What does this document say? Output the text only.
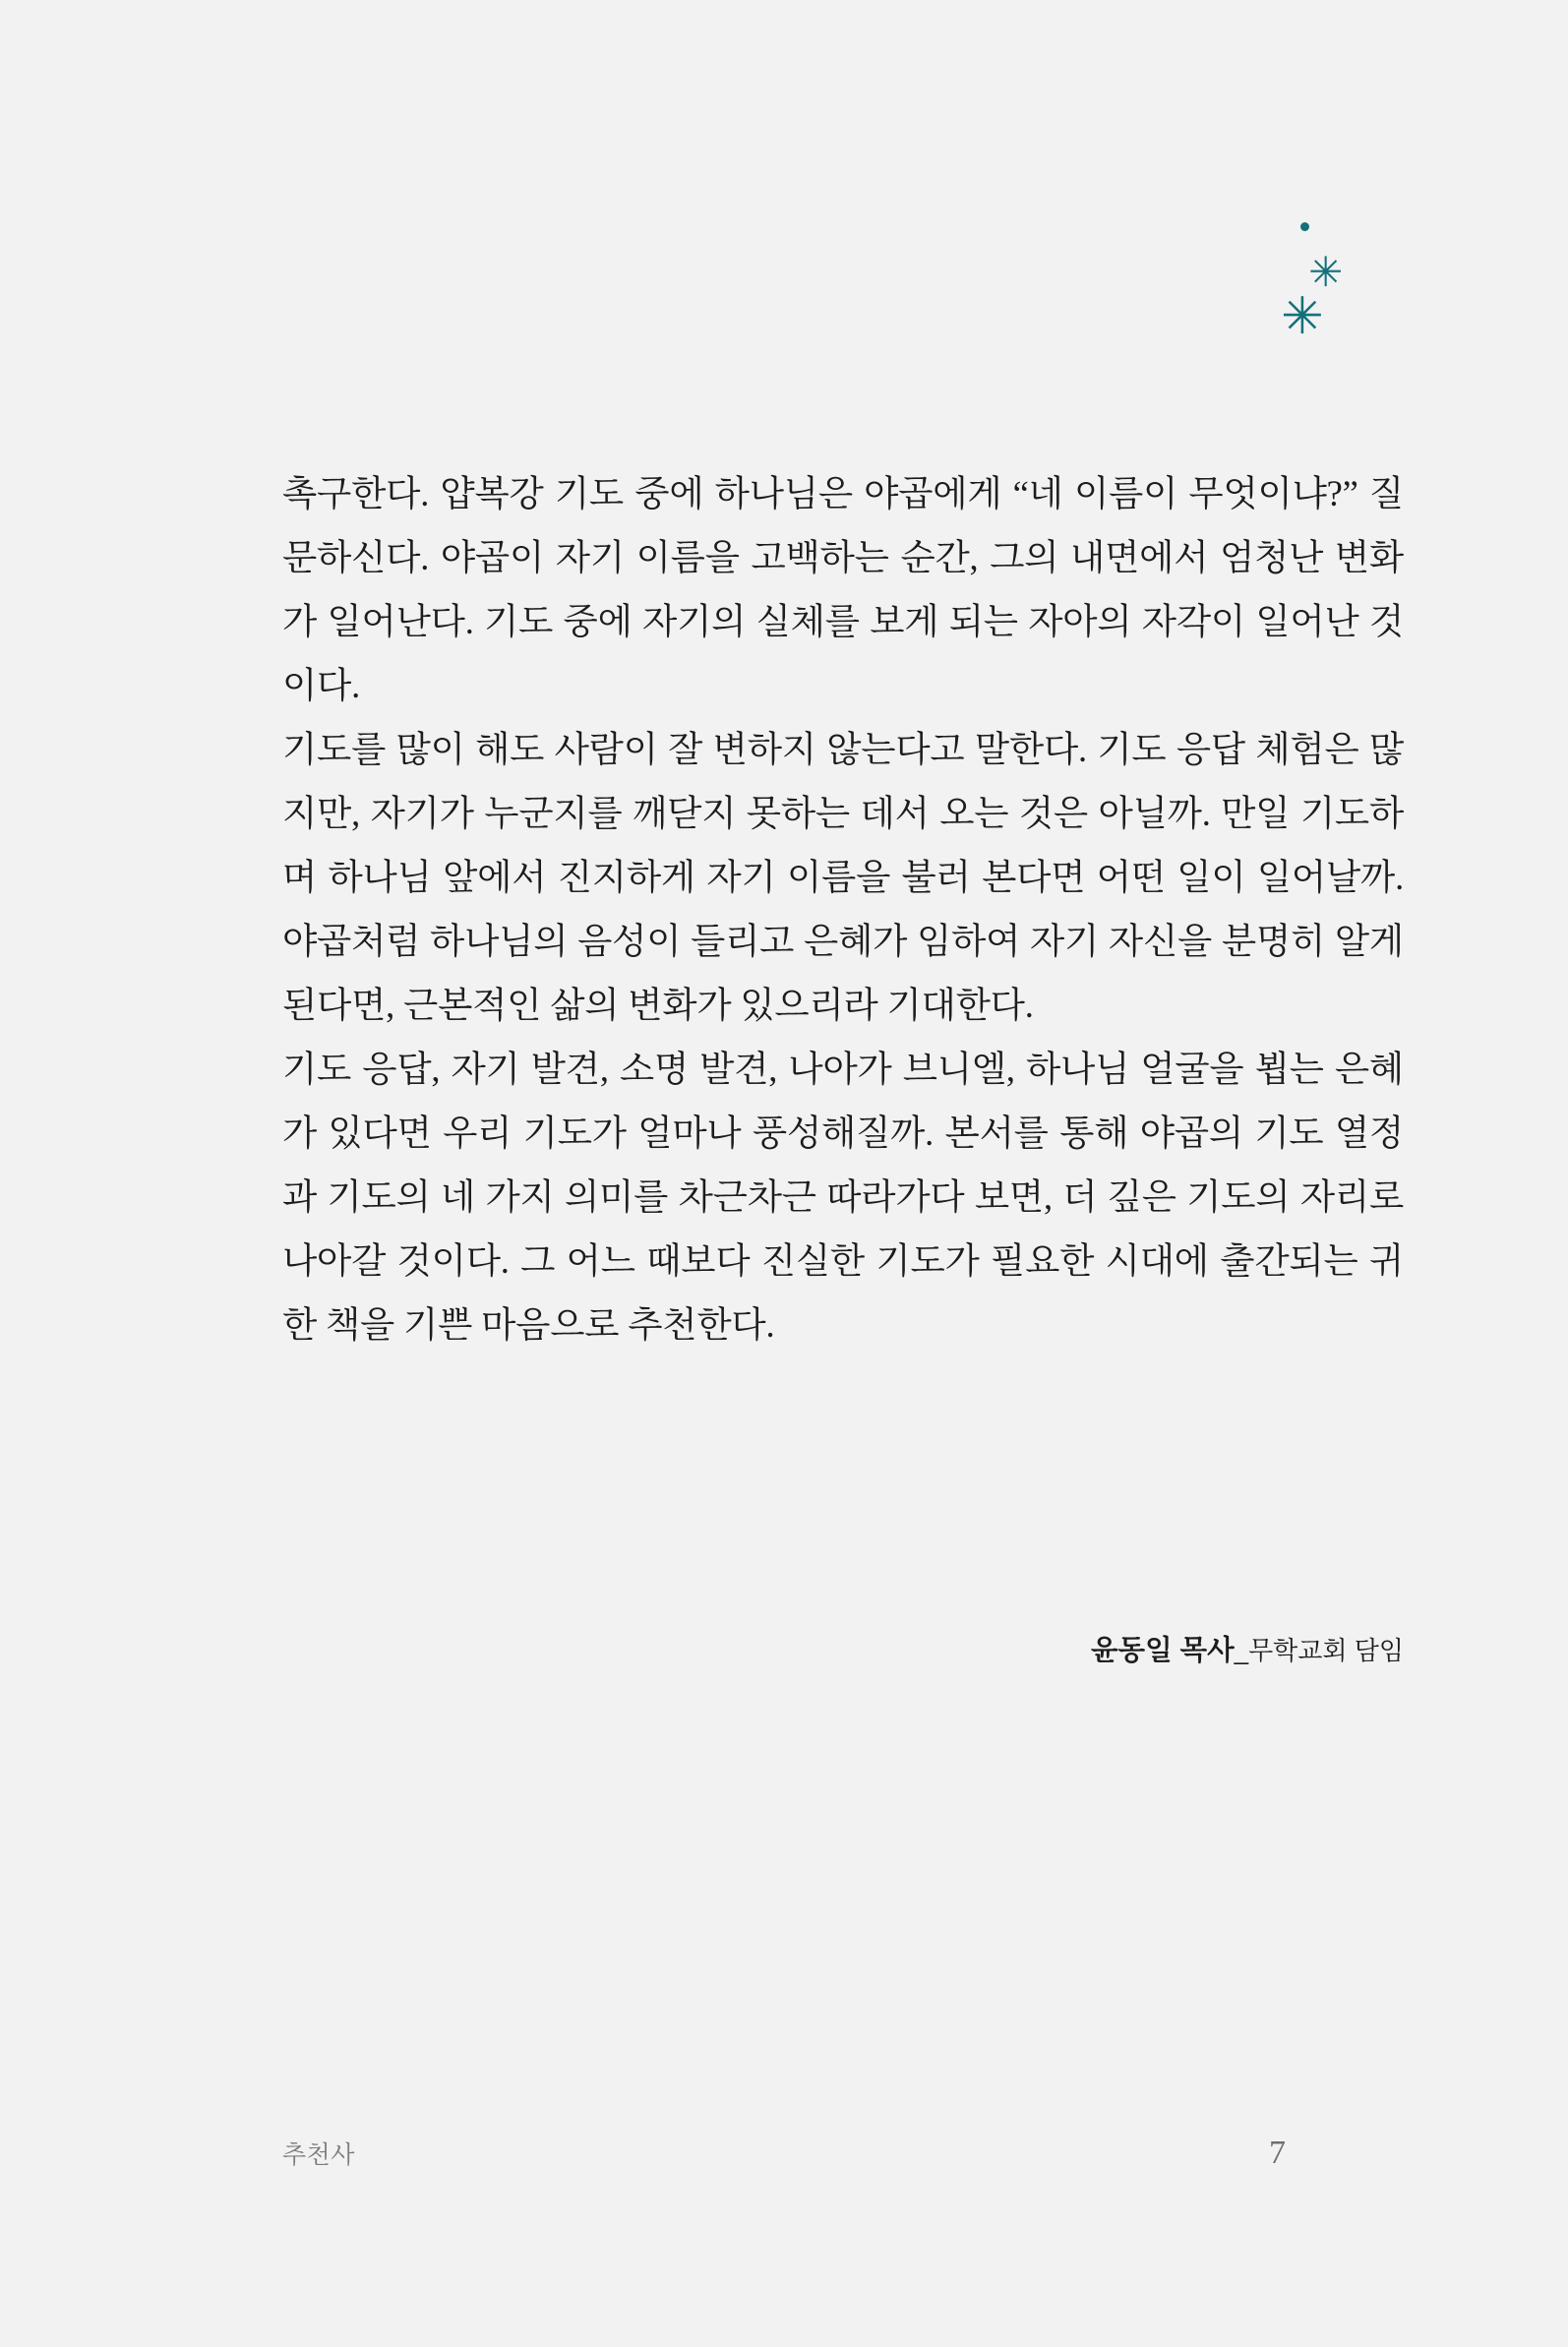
✳
✳

촉구한다. 얍복강 기도 중에 하나님은 야곱에게 “네 이름이 무엇이냐?” 질문하신다. 야곱이 자기 이름을 고백하는 순간, 그의 내면에서 엄청난 변화가 일어난다. 기도 중에 자기의 실체를 보게 되는 자아의 자각이 일어난 것이다.

기도를 많이 해도 사람이 잘 변하지 않는다고 말한다. 기도 응답 체험은 많지만, 자기가 누군지를 깨닫지 못하는 데서 오는 것은 아닐까. 만일 기도하며 하나님 앞에서 진지하게 자기 이름을 불러 본다면 어떤 일이 일어날까. 야곱처럼 하나님의 음성이 들리고 은혜가 임하여 자기 자신을 분명히 알게 된다면, 근본적인 삶의 변화가 있으리라 기대한다.

기도 응답, 자기 발견, 소명 발견, 나아가 브니엘, 하나님 얼굴을 뵙는 은혜가 있다면 우리 기도가 얼마나 풍성해질까. 본서를 통해 야곱의 기도 열정과 기도의 네 가지 의미를 차근차근 따라가다 보면, 더 깊은 기도의 자리로 나아갈 것이다. 그 어느 때보다 진실한 기도가 필요한 시대에 출간되는 귀한 책을 기쁜 마음으로 추천한다.

윤동일 목사_무학교회 담임
추천사	7
